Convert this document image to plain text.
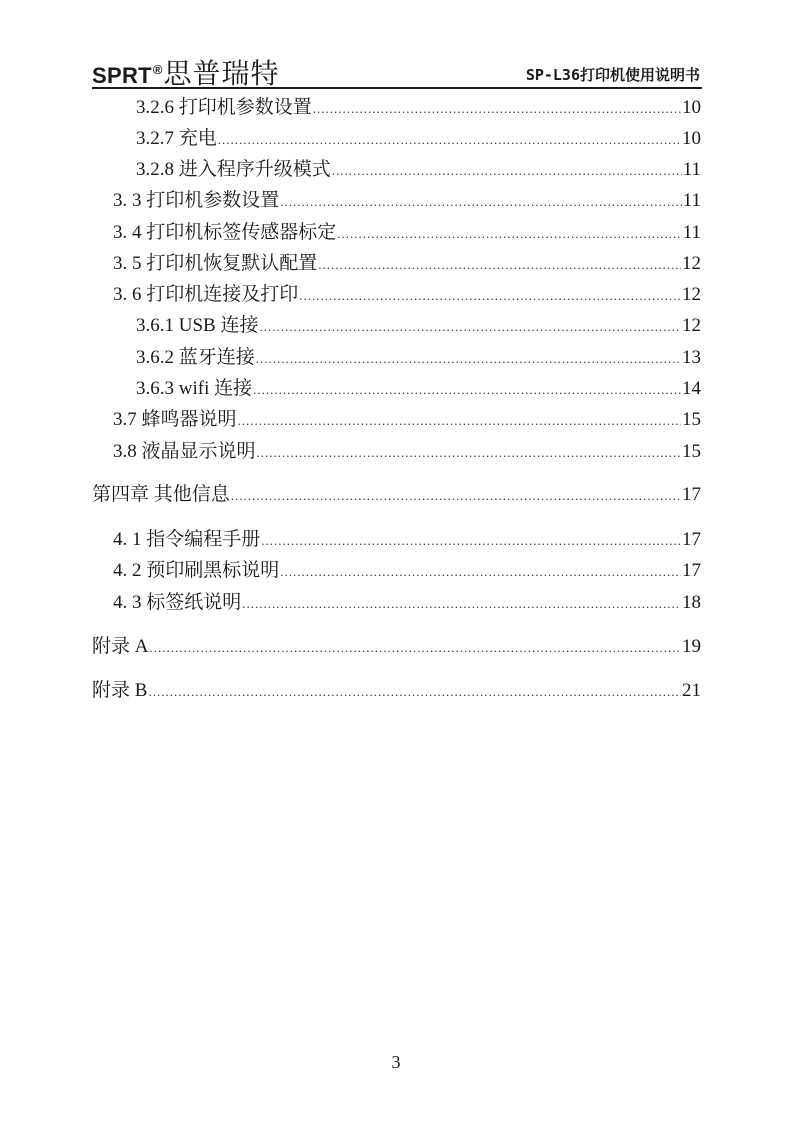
SPRT®思普瑞特	SP-L36打印机使用说明书
3.2.6 打印机参数设置 .....	10
3.2.7 充电 .....	10
3.2.8 进入程序升级模式 .....	11
3. 3 打印机参数设置 .....	11
3. 4 打印机标签传感器标定 .....	11
3. 5 打印机恢复默认配置 .....	12
3. 6 打印机连接及打印 .....	12
3.6.1 USB 连接 .....	12
3.6.2 蓝牙连接 .....	13
3.6.3 wifi 连接 .....	14
3.7 蜂鸣器说明 .....	15
3.8 液晶显示说明 .....	15
第四章 其他信息 .....	17
4. 1 指令编程手册 .....	17
4. 2 预印刷黑标说明 .....	17
4. 3 标签纸说明 .....	18
附录 A .....	19
附录 B .....	21
3
